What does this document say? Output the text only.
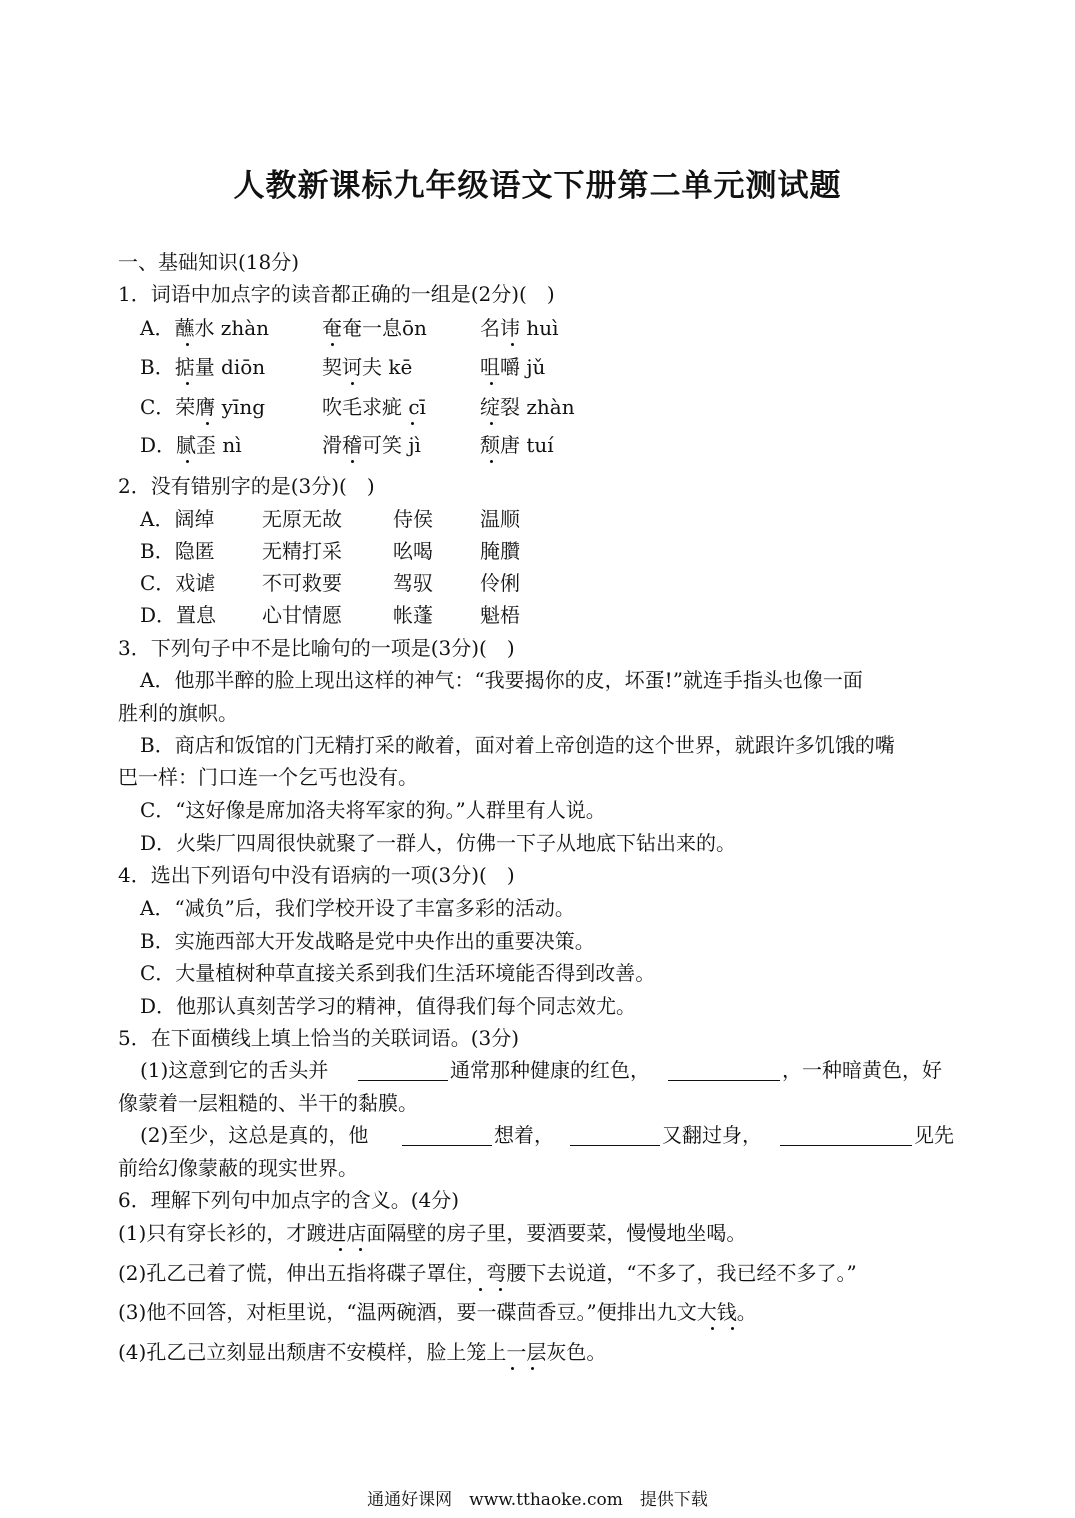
人教新课标九年级语文下册第二单元测试题
一、基础知识(18分)
1．词语中加点字的读音都正确的一组是(2分)(　)
A．蘸水 zhàn	奄奄一息ōn	名讳 huì
B．掂量 diōn	契诃夫 kē	咀嚼 jǔ
C．荣膺 yīng	吹毛求疵 cī	绽裂 zhàn
D．腻歪 nì	滑稽可笑 jì	颓唐 tuí
2．没有错别字的是(3分)(　)
A．阔绰 无原无故	侍侯 温顺
B．隐匿 无精打采	吆喝 腌臢
C．戏谑 不可救要	驾驭 伶俐
D．置息 心甘情愿	帐蓬 魁梧
3．下列句子中不是比喻句的一项是(3分)(　)
A．他那半醉的脸上现出这样的神气：“我要揭你的皮，坏蛋!”就连手指头也像一面
胜利的旗帜。
B．商店和饭馆的门无精打采的敞着，面对着上帝创造的这个世界，就跟许多饥饿的嘴
巴一样：门口连一个乞丐也没有。
C．“这好像是席加洛夫将军家的狗。”人群里有人说。
D．火柴厂四周很快就聚了一群人，仿佛一下子从地底下钻出来的。
4．选出下列语句中没有语病的一项(3分)(　)
A．“减负”后，我们学校开设了丰富多彩的活动。
B．实施西部大开发战略是党中央作出的重要决策。
C．大量植树种草直接关系到我们生活环境能否得到改善。
D．他那认真刻苦学习的精神，值得我们每个同志效尤。
5．在下面横线上填上恰当的关联词语。(3分)
(1)这意到它的舌头并	通常那种健康的红色，	，一种暗黄色，好
像蒙着一层粗糙的、半干的黏膜。
(2)至少，这总是真的，他	想着，	又翻过身，	见先
前给幻像蒙蔽的现实世界。
6．理解下列句中加点字的含义。(4分)
(1)只有穿长衫的，才踱进店面隔壁的房子里，要酒要菜，慢慢地坐喝。
(2)孔乙己着了慌，伸出五指将碟子罩住，弯腰下去说道，“不多了，我已经不多了。”
(3)他不回答，对柜里说，“温两碗酒，要一碟茴香豆。”便排出九文大钱。
(4)孔乙己立刻显出颓唐不安模样，脸上笼上一层灰色。
通通好课网　www.tthaoke.com　提供下载
